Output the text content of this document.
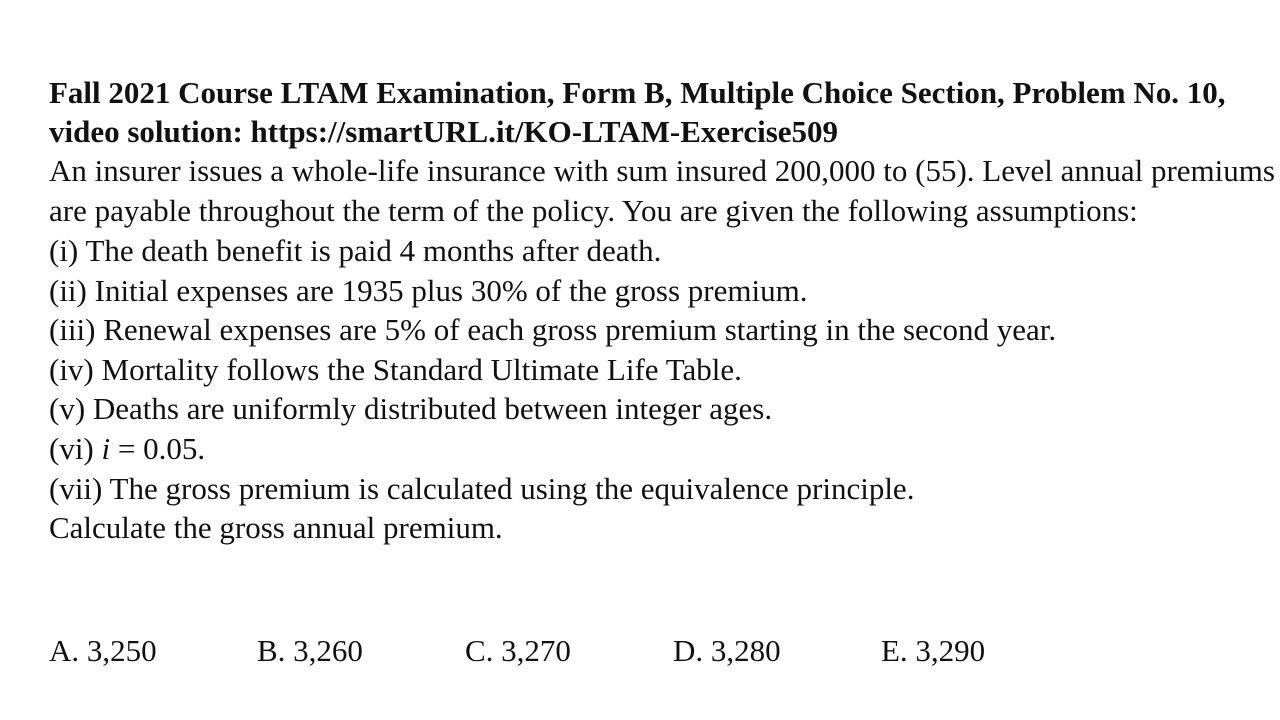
Fall 2021 Course LTAM Examination, Form B, Multiple Choice Section, Problem No. 10, video solution: https://smartURL.it/KO-LTAM-Exercise509

An insurer issues a whole-life insurance with sum insured 200,000 to (55). Level annual premiums are payable throughout the term of the policy. You are given the following assumptions:

(i) The death benefit is paid 4 months after death.
(ii) Initial expenses are 1935 plus 30% of the gross premium.
(iii) Renewal expenses are 5% of each gross premium starting in the second year.
(iv) Mortality follows the Standard Ultimate Life Table.
(v) Deaths are uniformly distributed between integer ages.
(vi) i = 0.05.
(vii) The gross premium is calculated using the equivalence principle.

Calculate the gross annual premium.

A. 3,250	B. 3,260	C. 3,270	D. 3,280	E. 3,290
